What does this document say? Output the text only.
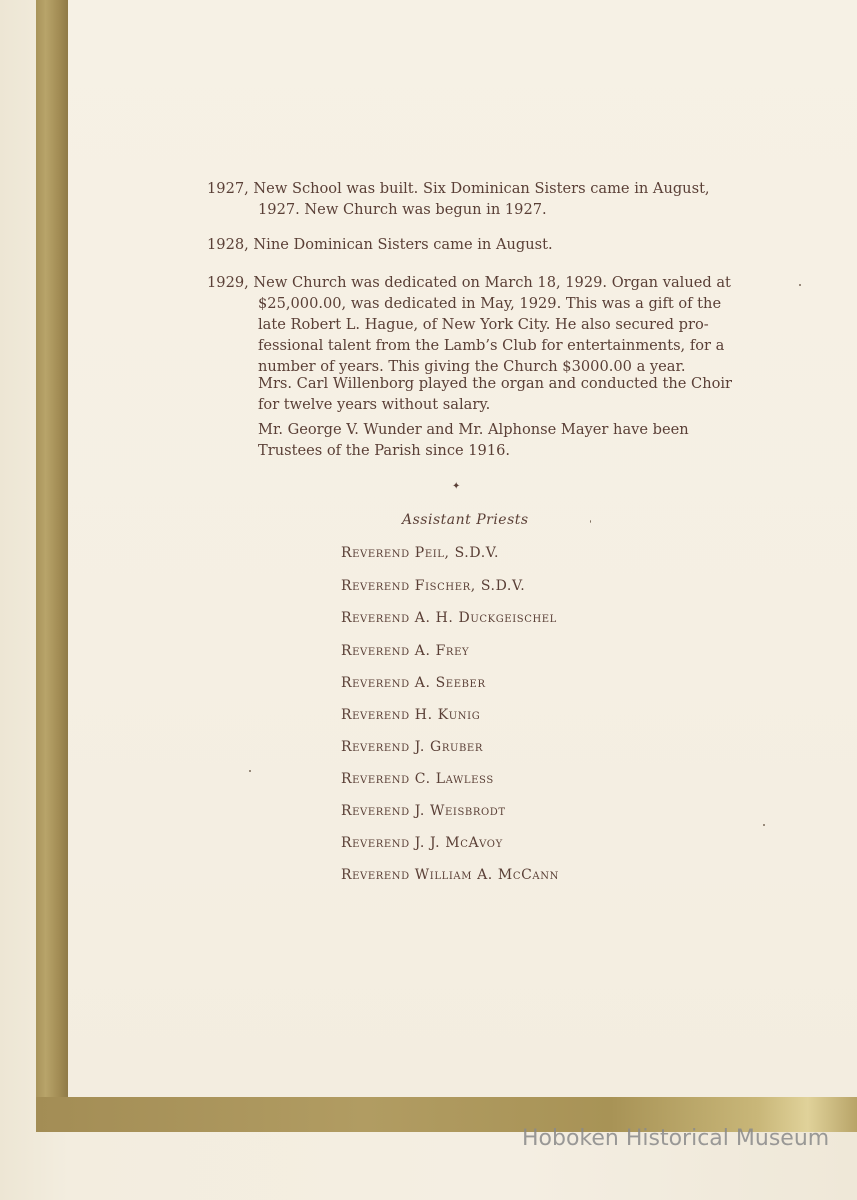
1927, New School was built. Six Dominican Sisters came in August,
1927. New Church was begun in 1927.
1928, Nine Dominican Sisters came in August.
1929, New Church was dedicated on March 18, 1929. Organ valued at
$25,000.00, was dedicated in May, 1929. This was a gift of the
late Robert L. Hague, of New York City. He also secured pro-
fessional talent from the Lamb’s Club for entertainments, for a
number of years. This giving the Church $3000.00 a year.
Mrs. Carl Willenborg played the organ and conducted the Choir
for twelve years without salary.
Mr. George V. Wunder and Mr. Alphonse Mayer have been
Trustees of the Parish since 1916.
✦
Assistant Priests
Reverend Peil, S.D.V.
Reverend Fischer, S.D.V.
Reverend A. H. Duckgeischel
Reverend A. Frey
Reverend A. Seeber
Reverend H. Kunig
Reverend J. Gruber
Reverend C. Lawless
Reverend J. Weisbrodt
Reverend J. J. McAvoy
Reverend William A. McCann
Hoboken Historical Museum
